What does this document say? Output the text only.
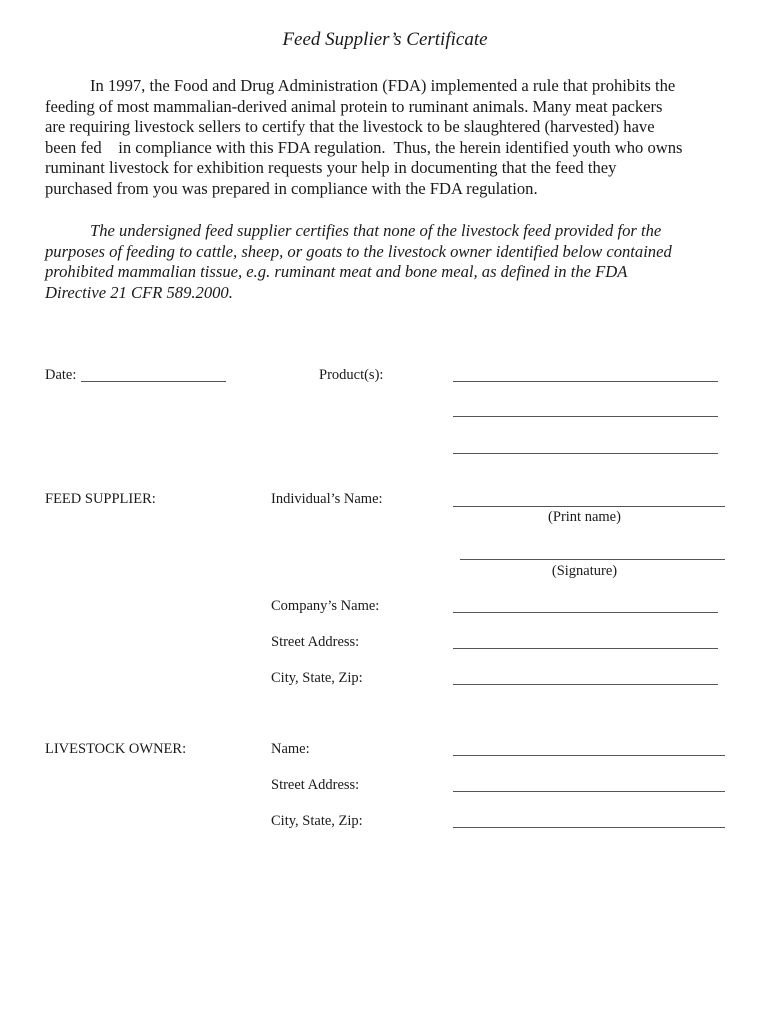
Feed Supplier’s Certificate
In 1997, the Food and Drug Administration (FDA) implemented a rule that prohibits the
feeding of most mammalian-derived animal protein to ruminant animals. Many meat packers
are requiring livestock sellers to certify that the livestock to be slaughtered (harvested) have
been fed    in compliance with this FDA regulation.  Thus, the herein identified youth who owns
ruminant livestock for exhibition requests your help in documenting that the feed they
purchased from you was prepared in compliance with the FDA regulation.
The undersigned feed supplier certifies that none of the livestock feed provided for the
purposes of feeding to cattle, sheep, or goats to the livestock owner identified below contained
prohibited mammalian tissue, e.g. ruminant meat and bone meal, as defined in the FDA
Directive 21 CFR 589.2000.
Date:	Product(s):
FEED SUPPLIER:	Individual’s Name:
(Print name)
(Signature)
Company’s Name:
Street Address:
City, State, Zip:
LIVESTOCK OWNER:	Name:
Street Address:
City, State, Zip:
